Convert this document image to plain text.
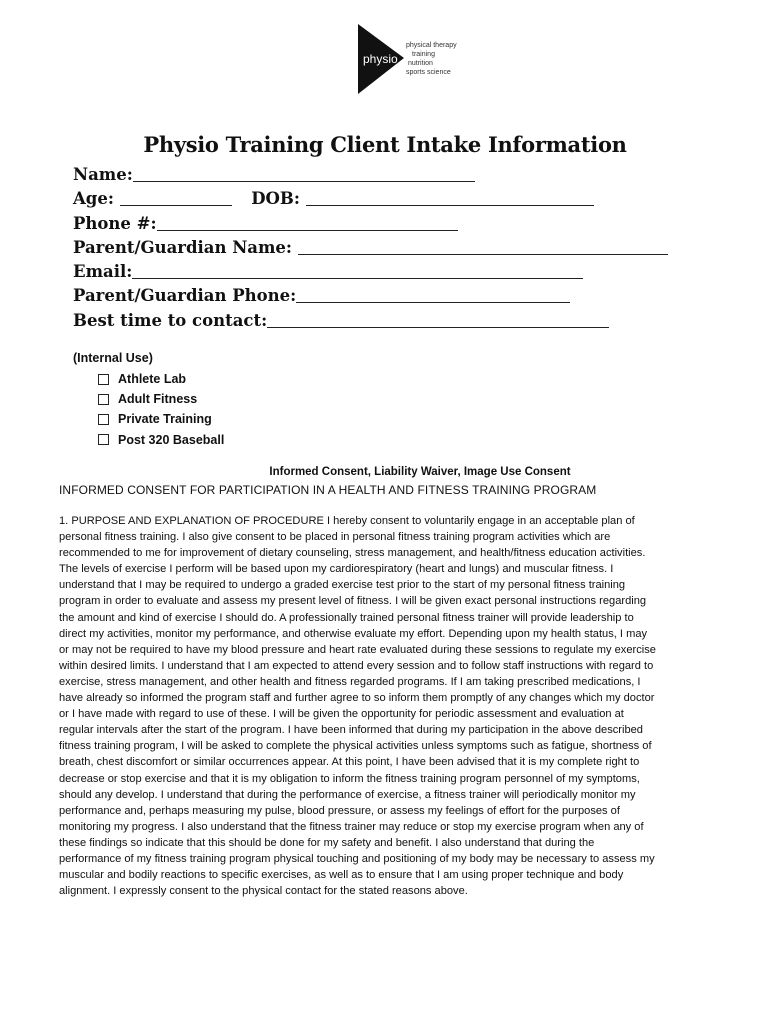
physio
physical therapy
training
nutrition
sports science
Physio Training Client Intake Information
Name:
Age:	DOB:
Phone #:
Parent/Guardian Name:
Email:
Parent/Guardian Phone:
Best time to contact:
(Internal Use)
Athlete Lab
Adult Fitness
Private Training
Post 320 Baseball
Informed Consent, Liability Waiver, Image Use Consent
INFORMED CONSENT FOR PARTICIPATION IN A HEALTH AND FITNESS TRAINING PROGRAM
1. PURPOSE AND EXPLANATION OF PROCEDURE I hereby consent to voluntarily engage in an acceptable plan of
personal fitness training. I also give consent to be placed in personal fitness training program activities which are
recommended to me for improvement of dietary counseling, stress management, and health/fitness education activities.
The levels of exercise I perform will be based upon my cardiorespiratory (heart and lungs) and muscular fitness. I
understand that I may be required to undergo a graded exercise test prior to the start of my personal fitness training
program in order to evaluate and assess my present level of fitness. I will be given exact personal instructions regarding
the amount and kind of exercise I should do. A professionally trained personal fitness trainer will provide leadership to
direct my activities, monitor my performance, and otherwise evaluate my effort. Depending upon my health status, I may
or may not be required to have my blood pressure and heart rate evaluated during these sessions to regulate my exercise
within desired limits. I understand that I am expected to attend every session and to follow staff instructions with regard to
exercise, stress management, and other health and fitness regarded programs. If I am taking prescribed medications, I
have already so informed the program staff and further agree to so inform them promptly of any changes which my doctor
or I have made with regard to use of these. I will be given the opportunity for periodic assessment and evaluation at
regular intervals after the start of the program. I have been informed that during my participation in the above described
fitness training program, I will be asked to complete the physical activities unless symptoms such as fatigue, shortness of
breath, chest discomfort or similar occurrences appear. At this point, I have been advised that it is my complete right to
decrease or stop exercise and that it is my obligation to inform the fitness training program personnel of my symptoms,
should any develop. I understand that during the performance of exercise, a fitness trainer will periodically monitor my
performance and, perhaps measuring my pulse, blood pressure, or assess my feelings of effort for the purposes of
monitoring my progress. I also understand that the fitness trainer may reduce or stop my exercise program when any of
these findings so indicate that this should be done for my safety and benefit. I also understand that during the
performance of my fitness training program physical touching and positioning of my body may be necessary to assess my
muscular and bodily reactions to specific exercises, as well as to ensure that I am using proper technique and body
alignment. I expressly consent to the physical contact for the stated reasons above.
